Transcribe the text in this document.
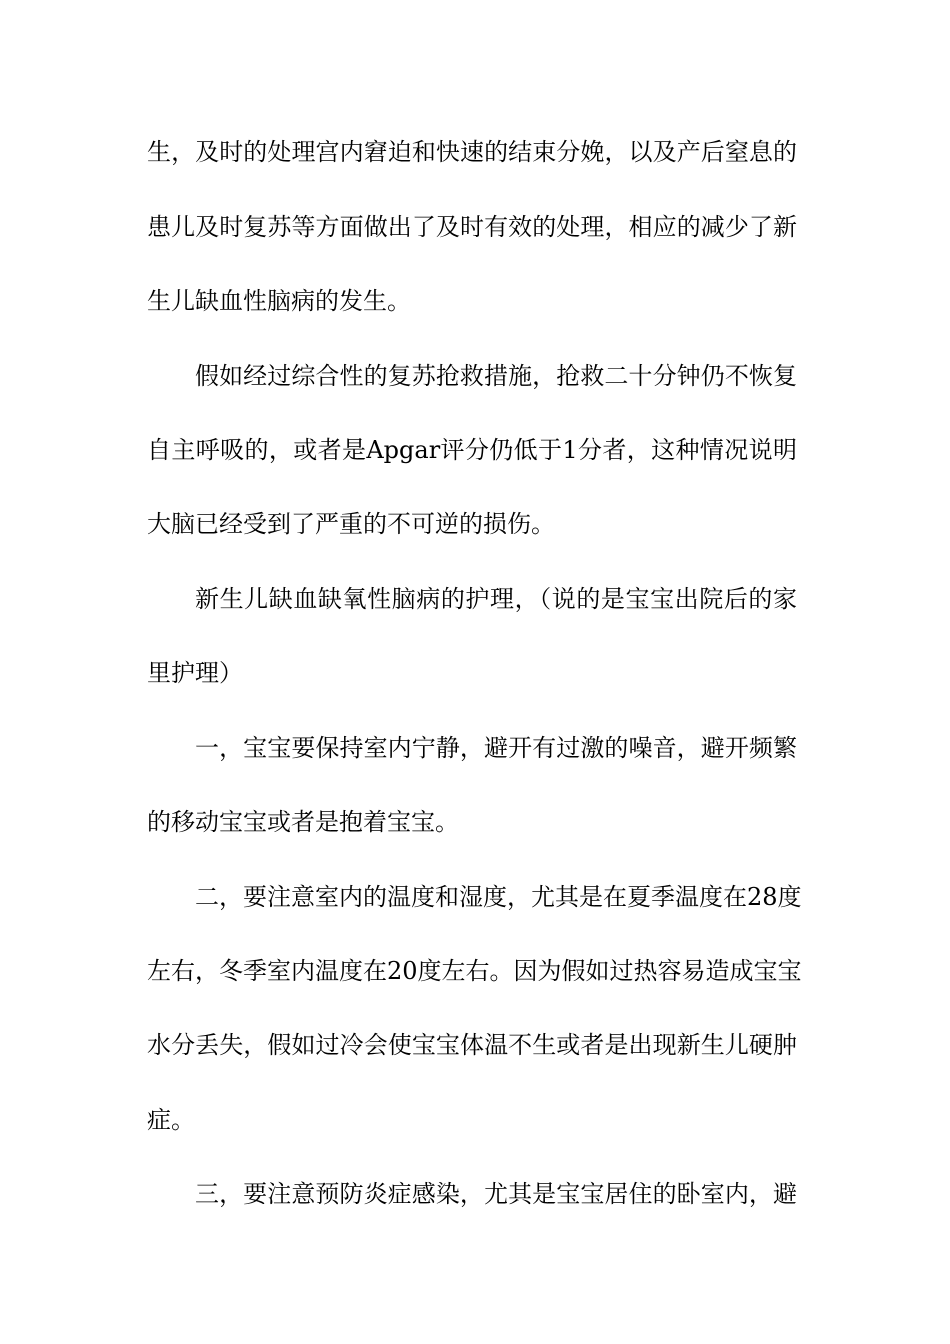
生，及时的处理宫内窘迫和快速的结束分娩，以及产后窒息的
患儿及时复苏等方面做出了及时有效的处理，相应的减少了新
生儿缺血性脑病的发生。
假如经过综合性的复苏抢救措施，抢救二十分钟仍不恢复
自主呼吸的，或者是Apgar评分仍低于1分者，这种情况说明
大脑已经受到了严重的不可逆的损伤。
新生儿缺血缺氧性脑病的护理，（说的是宝宝出院后的家
里护理）
一，宝宝要保持室内宁静，避开有过激的噪音，避开频繁
的移动宝宝或者是抱着宝宝。
二，要注意室内的温度和湿度，尤其是在夏季温度在28度
左右，冬季室内温度在20度左右。因为假如过热容易造成宝宝
水分丢失，假如过冷会使宝宝体温不生或者是出现新生儿硬肿
症。
三，要注意预防炎症感染，尤其是宝宝居住的卧室内，避
